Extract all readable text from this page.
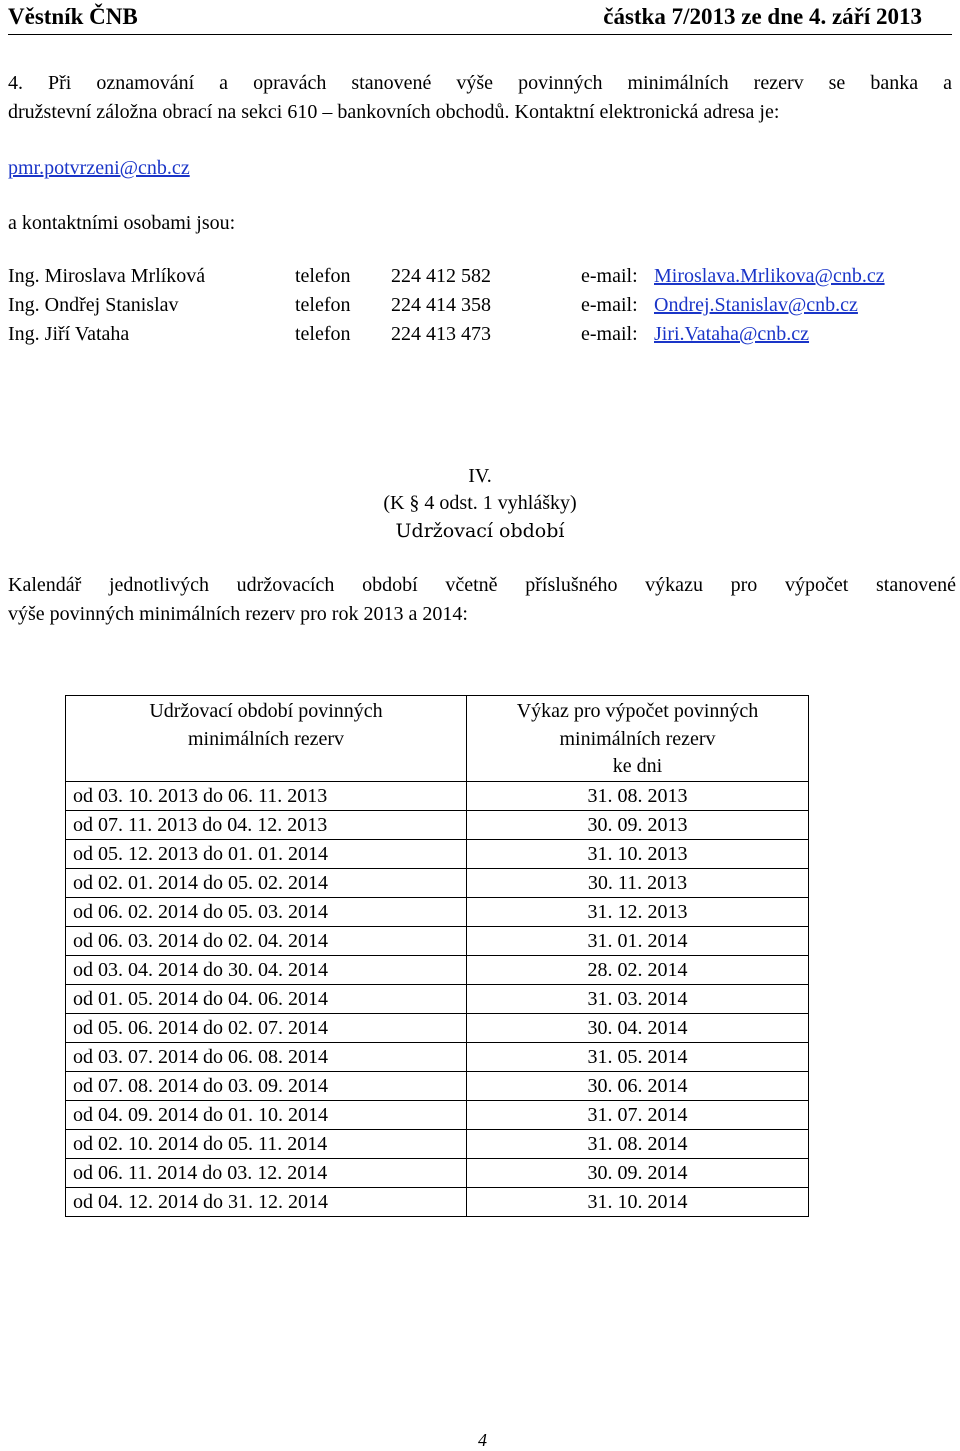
Věstník ČNB	částka 7/2013 ze dne 4. září 2013
4. Při oznamování a opravách stanovené výše povinných minimálních rezerv se banka a
družstevní záložna obrací na sekci 610 – bankovních obchodů. Kontaktní elektronická adresa je:
pmr.potvrzeni@cnb.cz
a kontaktními osobami jsou:
Ing. Miroslava Mrlíková	telefon 224 412 582	e-mail: Miroslava.Mrlikova@cnb.cz
Ing. Ondřej Stanislav	telefon 224 414 358	e-mail: Ondrej.Stanislav@cnb.cz
Ing. Jiří Vataha	telefon 224 413 473	e-mail: Jiri.Vataha@cnb.cz
IV.
(K § 4 odst. 1 vyhlášky)
Udržovací období
Kalendář jednotlivých udržovacích období včetně příslušného výkazu pro výpočet stanovené
výše povinných minimálních rezerv pro rok 2013 a 2014:
Udržovací období povinných
minimálních rezerv	Výkaz pro výpočet povinných
minimálních rezerv
ke dni
od 03. 10. 2013 do 06. 11. 2013	31. 08. 2013
od 07. 11. 2013 do 04. 12. 2013	30. 09. 2013
od 05. 12. 2013 do 01. 01. 2014	31. 10. 2013
od 02. 01. 2014 do 05. 02. 2014	30. 11. 2013
od 06. 02. 2014 do 05. 03. 2014	31. 12. 2013
od 06. 03. 2014 do 02. 04. 2014	31. 01. 2014
od 03. 04. 2014 do 30. 04. 2014	28. 02. 2014
od 01. 05. 2014 do 04. 06. 2014	31. 03. 2014
od 05. 06. 2014 do 02. 07. 2014	30. 04. 2014
od 03. 07. 2014 do 06. 08. 2014	31. 05. 2014
od 07. 08. 2014 do 03. 09. 2014	30. 06. 2014
od 04. 09. 2014 do 01. 10. 2014	31. 07. 2014
od 02. 10. 2014 do 05. 11. 2014	31. 08. 2014
od 06. 11. 2014 do 03. 12. 2014	30. 09. 2014
od 04. 12. 2014 do 31. 12. 2014	31. 10. 2014
4
